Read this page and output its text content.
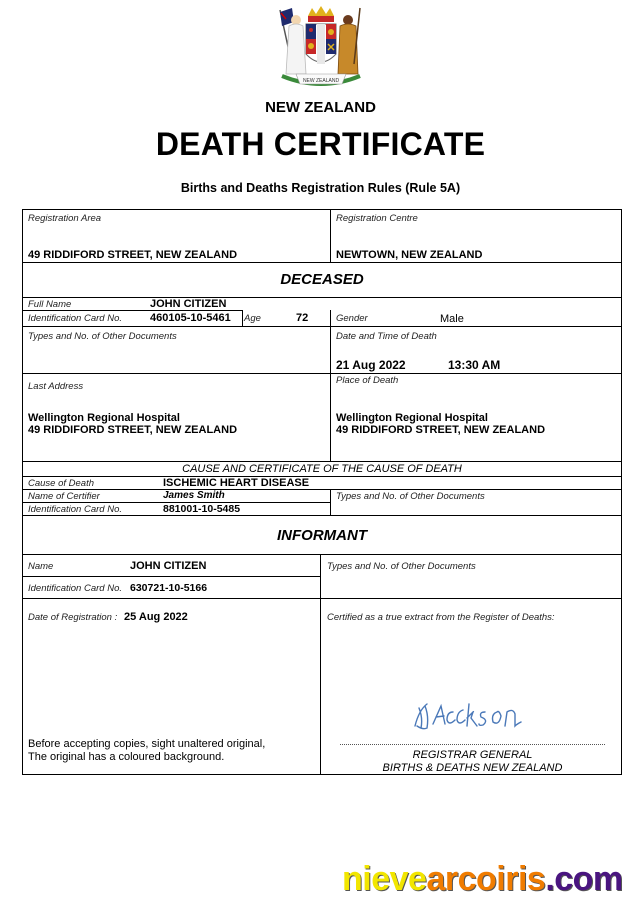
NEW ZEALAND
NEW ZEALAND
DEATH CERTIFICATE
Births and Deaths Registration Rules (Rule 5A)
Registration Area
49 RIDDIFORD STREET, NEW ZEALAND
Registration Centre
NEWTOWN, NEW ZEALAND
DECEASED
Full Name	JOHN CITIZEN
Identification Card No.	460105-10-5461 Age	72	Gender	Male
Types and No. of Other Documents	Date and Time of Death
21 Aug 2022	13:30 AM
Last Address
Wellington Regional Hospital
49 RIDDIFORD STREET, NEW ZEALAND
Place of Death
Wellington Regional Hospital
49 RIDDIFORD STREET, NEW ZEALAND
CAUSE AND CERTIFICATE OF THE CAUSE OF DEATH
Cause of Death	ISCHEMIC HEART DISEASE
Name of Certifier	James Smith
Identification Card No.	881001-10-5485
Types and No. of Other Documents
INFORMANT
Name	JOHN CITIZEN
Identification Card No. 630721-10-5166
Types and No. of Other Documents
Date of Registration : 25 Aug 2022	Certified as a true extract from the Register of Deaths:
Before accepting copies, sight unaltered original,
The original has a coloured background.	REGISTRAR GENERAL
BIRTHS & DEATHS NEW ZEALAND
nievearcoiris.com
